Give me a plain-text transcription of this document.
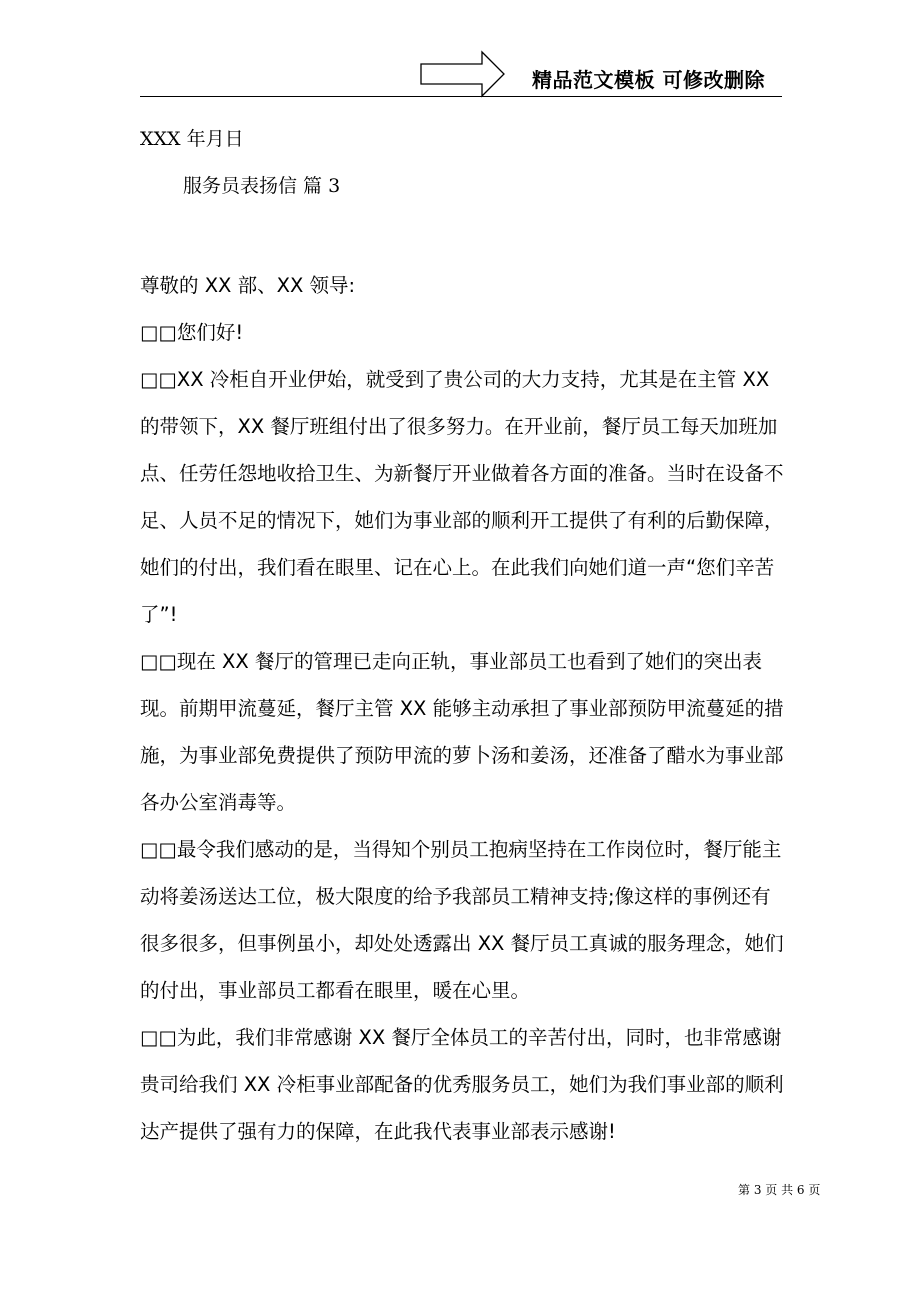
精品范文模板 可修改删除
XXX 年月日
服务员表扬信 篇 3

尊敬的 XX 部、XX 领导:

□□您们好!

□□XX 冷柜自开业伊始，就受到了贵公司的大力支持，尤其是在主管 XX 的带领下，XX 餐厅班组付出了很多努力。在开业前，餐厅员工每天加班加点、任劳任怨地收拾卫生、为新餐厅开业做着各方面的准备。当时在设备不足、人员不足的情况下，她们为事业部的顺利开工提供了有利的后勤保障，她们的付出，我们看在眼里、记在心上。在此我们向她们道一声“您们辛苦了”!

□□现在 XX 餐厅的管理已走向正轨，事业部员工也看到了她们的突出表现。前期甲流蔓延，餐厅主管 XX 能够主动承担了事业部预防甲流蔓延的措施，为事业部免费提供了预防甲流的萝卜汤和姜汤，还准备了醋水为事业部各办公室消毒等。

□□最令我们感动的是，当得知个别员工抱病坚持在工作岗位时，餐厅能主动将姜汤送达工位，极大限度的给予我部员工精神支持;像这样的事例还有很多很多，但事例虽小，却处处透露出 XX 餐厅员工真诚的服务理念，她们的付出，事业部员工都看在眼里，暖在心里。

□□为此，我们非常感谢 XX 餐厅全体员工的辛苦付出，同时，也非常感谢贵司给我们 XX 冷柜事业部配备的优秀服务员工，她们为我们事业部的顺利达产提供了强有力的保障，在此我代表事业部表示感谢!

第 3 页 共 6 页
